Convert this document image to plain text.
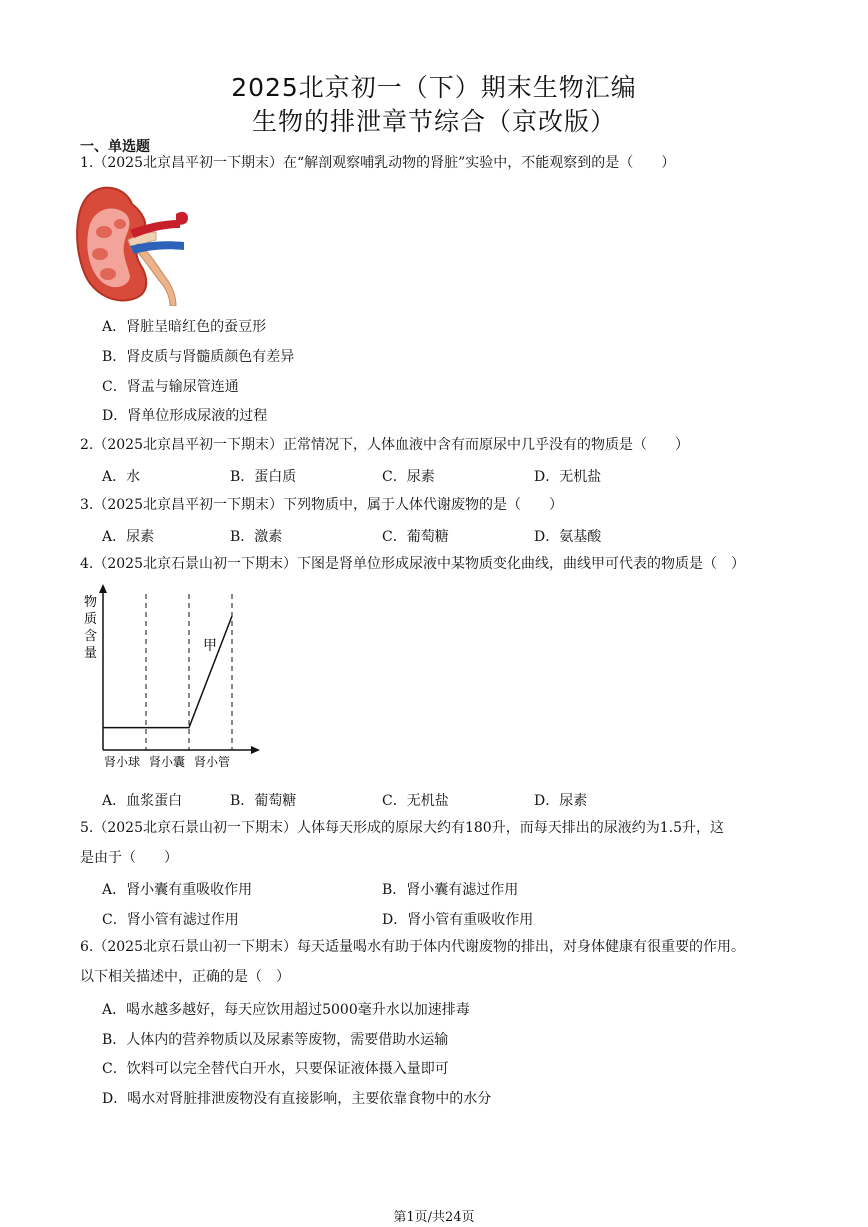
2025北京初一（下）期末生物汇编
生物的排泄章节综合（京改版）
一、单选题
1.（2025北京昌平初一下期末）在“解剖观察哺乳动物的肾脏”实验中，不能观察到的是（　　）
A．肾脏呈暗红色的蚕豆形
B．肾皮质与肾髓质颜色有差异
C．肾盂与输尿管连通
D．肾单位形成尿液的过程
2.（2025北京昌平初一下期末）正常情况下，人体血液中含有而原尿中几乎没有的物质是（　　）
A．水	B．蛋白质	C．尿素	D．无机盐
3.（2025北京昌平初一下期末）下列物质中，属于人体代谢废物的是（　　）
A．尿素	B．激素	C．葡萄糖	D．氨基酸
4.（2025北京石景山初一下期末）下图是肾单位形成尿液中某物质变化曲线，曲线甲可代表的物质是（　）
物
质
含
量	甲
肾小球 肾小囊 肾小管
A．血浆蛋白	B．葡萄糖	C．无机盐	D．尿素
5.（2025北京石景山初一下期末）人体每天形成的原尿大约有180升，而每天排出的尿液约为1.5升，这
是由于（　　）
A．肾小囊有重吸收作用	B．肾小囊有滤过作用
C．肾小管有滤过作用	D．肾小管有重吸收作用
6.（2025北京石景山初一下期末）每天适量喝水有助于体内代谢废物的排出，对身体健康有很重要的作用。
以下相关描述中，正确的是（　）
A．喝水越多越好，每天应饮用超过5000毫升水以加速排毒
B．人体内的营养物质以及尿素等废物，需要借助水运输
C．饮料可以完全替代白开水，只要保证液体摄入量即可
D．喝水对肾脏排泄废物没有直接影响，主要依靠食物中的水分
第1页/共24页
